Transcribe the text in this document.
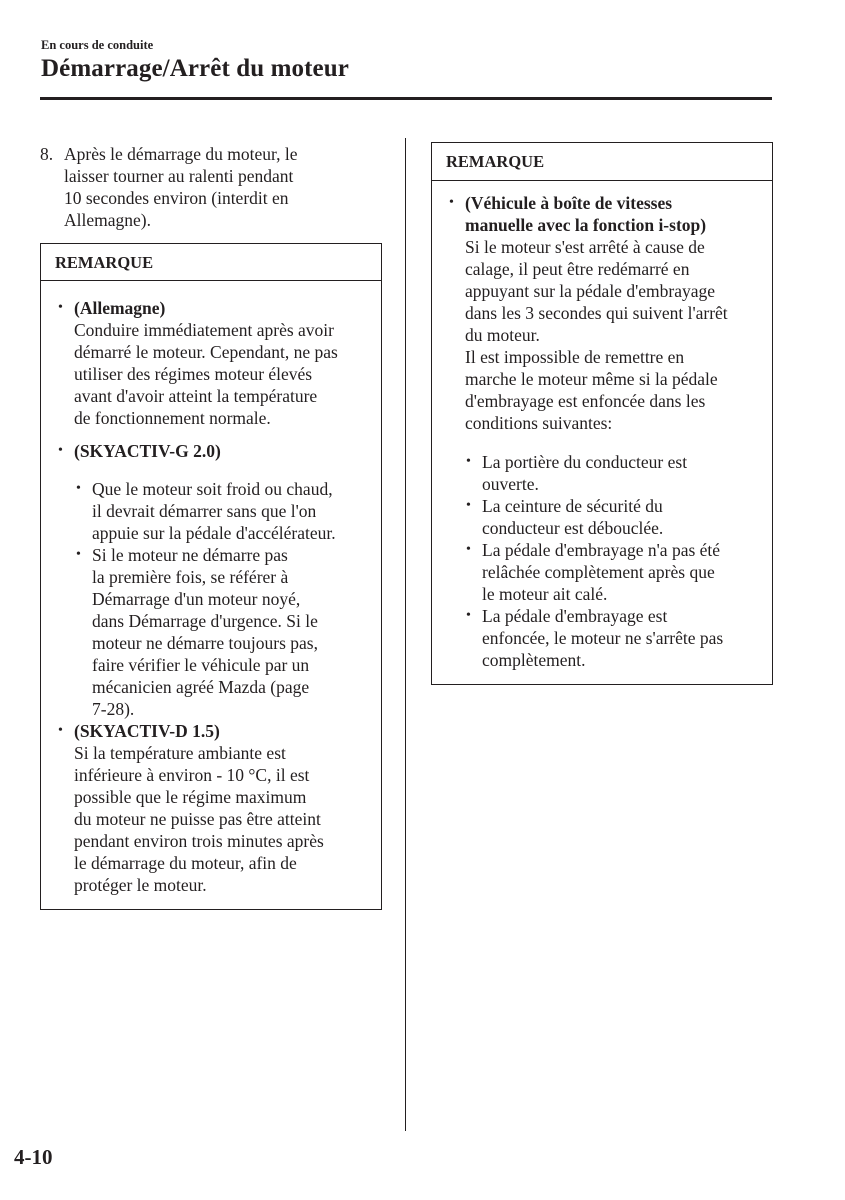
En cours de conduite
Démarrage/Arrêt du moteur
8. Après le démarrage du moteur, le
laisser tourner au ralenti pendant
10 secondes environ (interdit en
Allemagne).
REMARQUE
• (Allemagne)
Conduire immédiatement après avoir
démarré le moteur. Cependant, ne pas
utiliser des régimes moteur élevés
avant d'avoir atteint la température
de fonctionnement normale.
• (SKYACTIV-G 2.0)
• Que le moteur soit froid ou chaud,
il devrait démarrer sans que l'on
appuie sur la pédale d'accélérateur.
• Si le moteur ne démarre pas
la première fois, se référer à
Démarrage d'un moteur noyé,
dans Démarrage d'urgence. Si le
moteur ne démarre toujours pas,
faire vérifier le véhicule par un
mécanicien agréé Mazda (page
7-28).
• (SKYACTIV-D 1.5)
Si la température ambiante est
inférieure à environ - 10 °C, il est
possible que le régime maximum
du moteur ne puisse pas être atteint
pendant environ trois minutes après
le démarrage du moteur, afin de
protéger le moteur.
REMARQUE
• (Véhicule à boîte de vitesses
manuelle avec la fonction i-stop)
Si le moteur s'est arrêté à cause de
calage, il peut être redémarré en
appuyant sur la pédale d'embrayage
dans les 3 secondes qui suivent l'arrêt
du moteur.
Il est impossible de remettre en
marche le moteur même si la pédale
d'embrayage est enfoncée dans les
conditions suivantes:
• La portière du conducteur est
ouverte.
• La ceinture de sécurité du
conducteur est débouclée.
• La pédale d'embrayage n'a pas été
relâchée complètement après que
le moteur ait calé.
• La pédale d'embrayage est
enfoncée, le moteur ne s'arrête pas
complètement.
4-10
